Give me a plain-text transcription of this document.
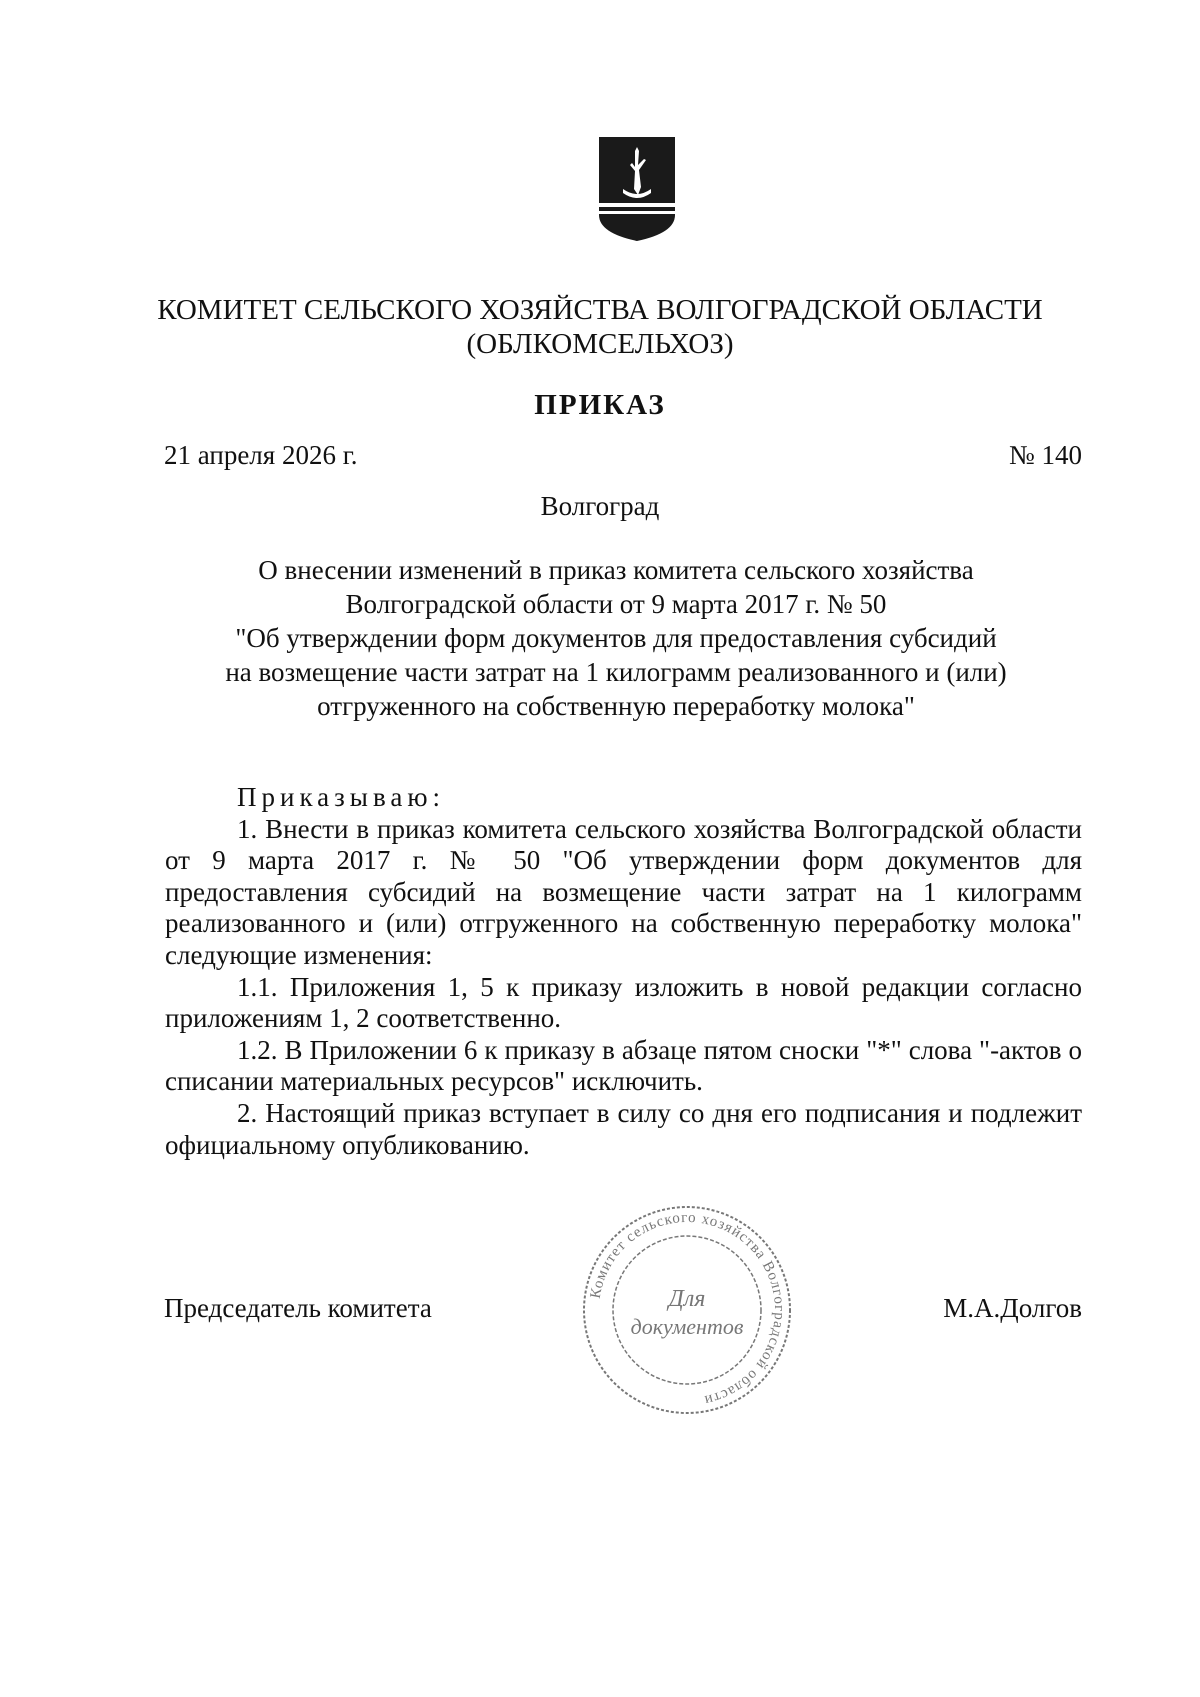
КОМИТЕТ СЕЛЬСКОГО ХОЗЯЙСТВА ВОЛГОГРАДСКОЙ ОБЛАСТИ
(ОБЛКОМСЕЛЬХОЗ)
ПРИКАЗ
21 апреля 2026 г.	№ 140
Волгоград
О внесении изменений в приказ комитета сельского хозяйства
Волгоградской области от 9 марта 2017 г. № 50
"Об утверждении форм документов для предоставления субсидий
на возмещение части затрат на 1 килограмм реализованного и (или)
отгруженного на собственную переработку молока"

Приказываю:

1. Внести в приказ комитета сельского хозяйства Волгоградской области от 9 марта 2017 г. № 50 "Об утверждении форм документов для предоставления субсидий на возмещение части затрат на 1 килограмм реализованного и (или) отгруженного на собственную переработку молока" следующие изменения:

1.1. Приложения 1, 5 к приказу изложить в новой редакции согласно приложениям 1, 2 соответственно.

1.2. В Приложении 6 к приказу в абзаце пятом сноски "*" слова "-актов о списании материальных ресурсов" исключить.

2. Настоящий приказ вступает в силу со дня его подписания и подлежит официальному опубликованию.

Председатель комитета	М.А.Долгов
Комитет сельского хозяйства Волгоградской области
Для
документов
